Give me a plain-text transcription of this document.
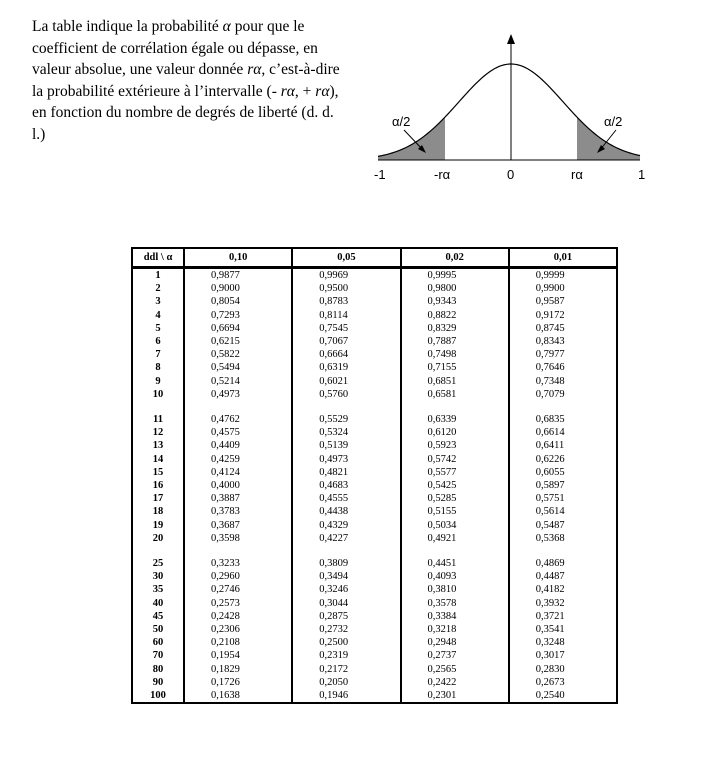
La table indique la probabilité α pour que le coefficient de corrélation égale ou dépasse, en valeur absolue, une valeur donnée rα, c’est-à-dire la probabilité extérieure à l’intervalle (- rα, + rα), en fonction du nombre de degrés de liberté (d. d. l.)

α/2	α/2
-1	-rα	0	rα	1
ddl \ α	0,10	0,05	0,02	0,01
1	0,9877	0,9969	0,9995	0,9999
2	0,9000	0,9500	0,9800	0,9900
3	0,8054	0,8783	0,9343	0,9587
4	0,7293	0,8114	0,8822	0,9172
5	0,6694	0,7545	0,8329	0,8745
6	0,6215	0,7067	0,7887	0,8343
7	0,5822	0,6664	0,7498	0,7977
8	0,5494	0,6319	0,7155	0,7646
9	0,5214	0,6021	0,6851	0,7348
10	0,4973	0,5760	0,6581	0,7079

11	0,4762	0,5529	0,6339	0,6835
12	0,4575	0,5324	0,6120	0,6614
13	0,4409	0,5139	0,5923	0,6411
14	0,4259	0,4973	0,5742	0,6226
15	0,4124	0,4821	0,5577	0,6055
16	0,4000	0,4683	0,5425	0,5897
17	0,3887	0,4555	0,5285	0,5751
18	0,3783	0,4438	0,5155	0,5614
19	0,3687	0,4329	0,5034	0,5487
20	0,3598	0,4227	0,4921	0,5368

25	0,3233	0,3809	0,4451	0,4869
30	0,2960	0,3494	0,4093	0,4487
35	0,2746	0,3246	0,3810	0,4182
40	0,2573	0,3044	0,3578	0,3932
45	0,2428	0,2875	0,3384	0,3721
50	0,2306	0,2732	0,3218	0,3541
60	0,2108	0,2500	0,2948	0,3248
70	0,1954	0,2319	0,2737	0,3017
80	0,1829	0,2172	0,2565	0,2830
90	0,1726	0,2050	0,2422	0,2673
100	0,1638	0,1946	0,2301	0,2540
